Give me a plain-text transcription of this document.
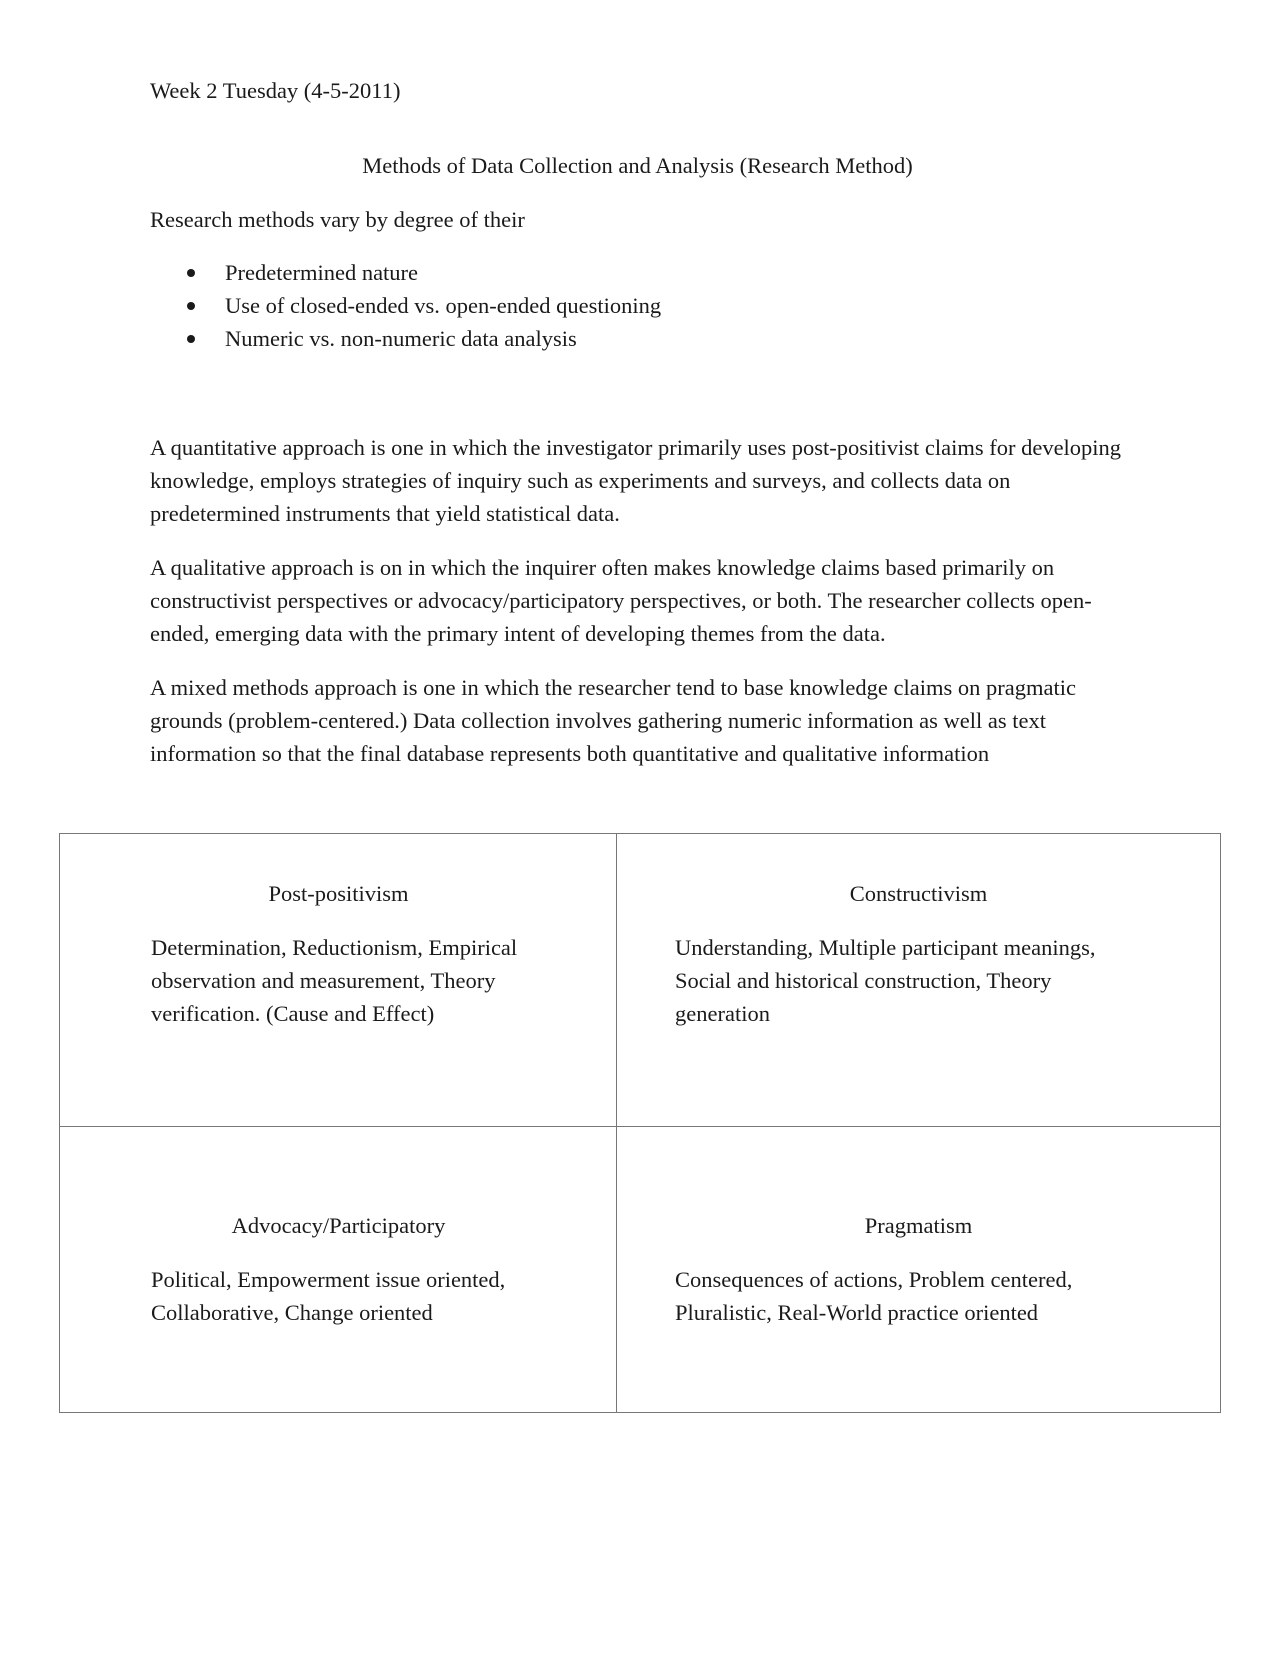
Week 2 Tuesday (4-5-2011)

Methods of Data Collection and Analysis (Research Method)

Research methods vary by degree of their

Predetermined nature
Use of closed-ended vs. open-ended questioning
Numeric vs. non-numeric data analysis

A quantitative approach is one in which the investigator primarily uses post-positivist claims for developing knowledge, employs strategies of inquiry such as experiments and surveys, and collects data on predetermined instruments that yield statistical data.

A qualitative approach is on in which the inquirer often makes knowledge claims based primarily on constructivist perspectives or advocacy/participatory perspectives, or both. The researcher collects open-ended, emerging data with the primary intent of developing themes from the data.

A mixed methods approach is one in which the researcher tend to base knowledge claims on pragmatic grounds (problem-centered.) Data collection involves gathering numeric information as well as text information so that the final database represents both quantitative and qualitative information

Post-positivism

Determination, Reductionism, Empirical observation and measurement, Theory verification. (Cause and Effect)

Constructivism

Understanding, Multiple participant meanings, Social and historical construction, Theory generation

Advocacy/Participatory

Political, Empowerment issue oriented, Collaborative, Change oriented

Pragmatism

Consequences of actions, Problem centered, Pluralistic, Real-World practice oriented
